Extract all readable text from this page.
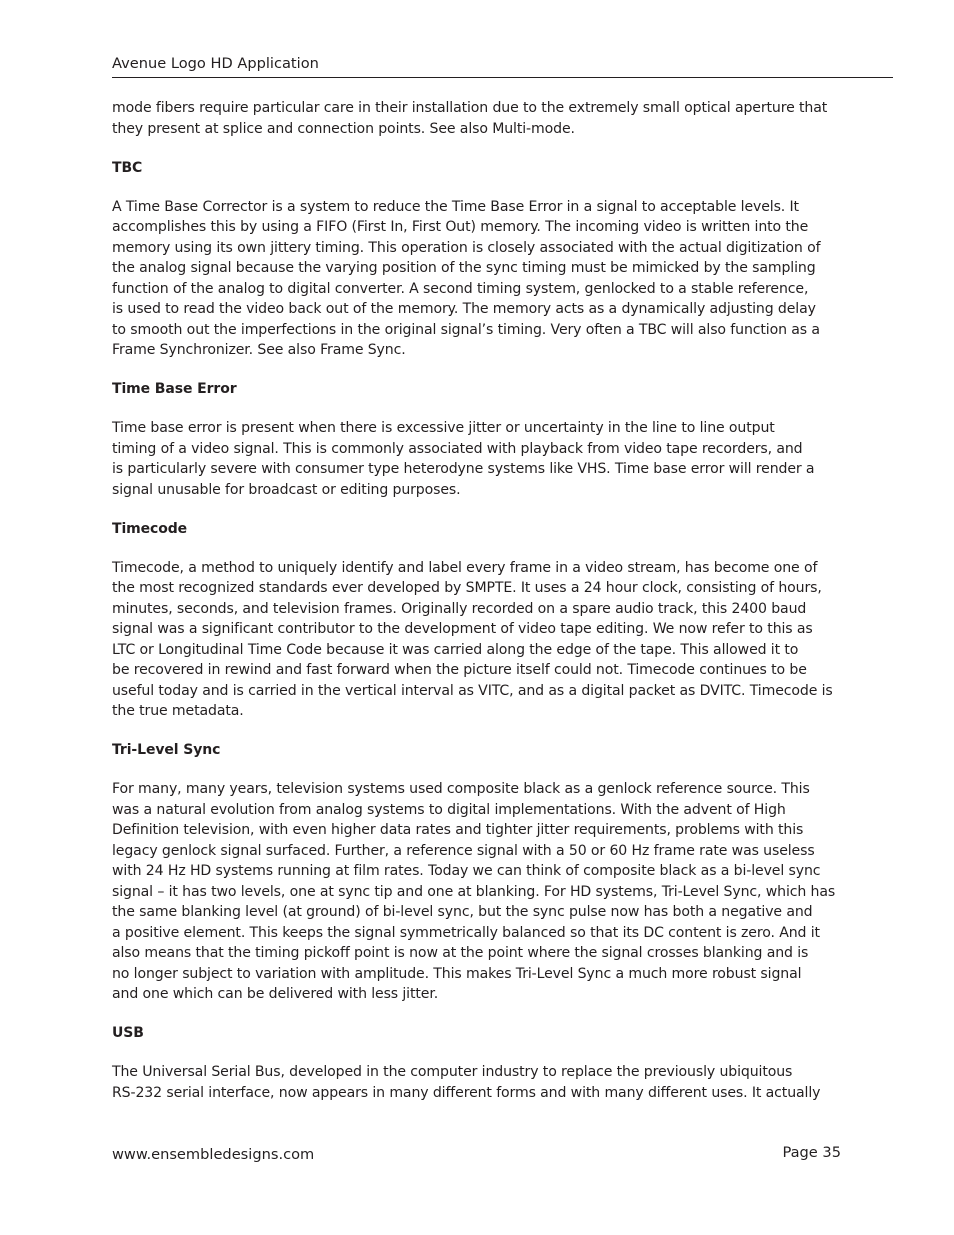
Avenue Logo HD Application

mode fibers require particular care in their installation due to the extremely small optical aperture that
they present at splice and connection points. See also Multi-mode.

TBC

A Time Base Corrector is a system to reduce the Time Base Error in a signal to acceptable levels. It
accomplishes this by using a FIFO (First In, First Out) memory. The incoming video is written into the
memory using its own jittery timing. This operation is closely associated with the actual digitization of
the analog signal because the varying position of the sync timing must be mimicked by the sampling
function of the analog to digital converter. A second timing system, genlocked to a stable reference,
is used to read the video back out of the memory. The memory acts as a dynamically adjusting delay
to smooth out the imperfections in the original signal’s timing. Very often a TBC will also function as a
Frame Synchronizer. See also Frame Sync.

Time Base Error

Time base error is present when there is excessive jitter or uncertainty in the line to line output
timing of a video signal. This is commonly associated with playback from video tape recorders, and
is particularly severe with consumer type heterodyne systems like VHS. Time base error will render a
signal unusable for broadcast or editing purposes.

Timecode

Timecode, a method to uniquely identify and label every frame in a video stream, has become one of
the most recognized standards ever developed by SMPTE. It uses a 24 hour clock, consisting of hours,
minutes, seconds, and television frames. Originally recorded on a spare audio track, this 2400 baud
signal was a significant contributor to the development of video tape editing. We now refer to this as
LTC or Longitudinal Time Code because it was carried along the edge of the tape. This allowed it to
be recovered in rewind and fast forward when the picture itself could not. Timecode continues to be
useful today and is carried in the vertical interval as VITC, and as a digital packet as DVITC. Timecode is
the true metadata.

Tri-Level Sync

For many, many years, television systems used composite black as a genlock reference source. This
was a natural evolution from analog systems to digital implementations. With the advent of High
Definition television, with even higher data rates and tighter jitter requirements, problems with this
legacy genlock signal surfaced. Further, a reference signal with a 50 or 60 Hz frame rate was useless
with 24 Hz HD systems running at film rates. Today we can think of composite black as a bi-level sync
signal – it has two levels, one at sync tip and one at blanking. For HD systems, Tri-Level Sync, which has
the same blanking level (at ground) of bi-level sync, but the sync pulse now has both a negative and
a positive element. This keeps the signal symmetrically balanced so that its DC content is zero. And it
also means that the timing pickoff point is now at the point where the signal crosses blanking and is
no longer subject to variation with amplitude. This makes Tri-Level Sync a much more robust signal
and one which can be delivered with less jitter.

USB

The Universal Serial Bus, developed in the computer industry to replace the previously ubiquitous
RS-232 serial interface, now appears in many different forms and with many different uses. It actually

www.ensembledesigns.com	Page 35
